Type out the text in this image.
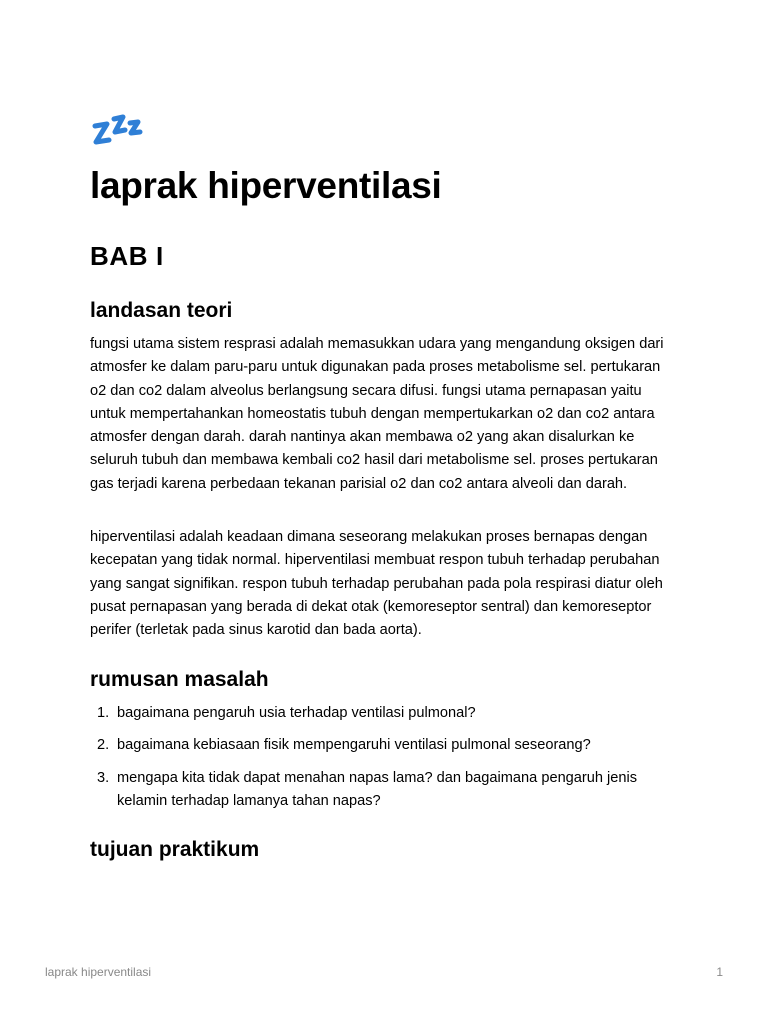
laprak hiperventilasi
BAB I
landasan teori

fungsi utama sistem resprasi adalah memasukkan udara yang mengandung oksigen dari atmosfer ke dalam paru-paru untuk digunakan pada proses metabolisme sel. pertukaran o2 dan co2 dalam alveolus berlangsung secara difusi. fungsi utama pernapasan yaitu untuk mempertahankan homeostatis tubuh dengan mempertukarkan o2 dan co2 antara atmosfer dengan darah. darah nantinya akan membawa o2 yang akan disalurkan ke seluruh tubuh dan membawa kembali co2 hasil dari metabolisme sel. proses pertukaran gas terjadi karena perbedaan tekanan parisial o2 dan co2 antara alveoli dan darah.

hiperventilasi adalah keadaan dimana seseorang melakukan proses bernapas dengan kecepatan yang tidak normal. hiperventilasi membuat respon tubuh terhadap perubahan yang sangat signifikan. respon tubuh terhadap perubahan pada pola respirasi diatur oleh pusat pernapasan yang berada di dekat otak (kemoreseptor sentral) dan kemoreseptor perifer (terletak pada sinus karotid dan bada aorta).

rumusan masalah
1. bagaimana pengaruh usia terhadap ventilasi pulmonal?
2. bagaimana kebiasaan fisik mempengaruhi ventilasi pulmonal seseorang?
3. mengapa kita tidak dapat menahan napas lama? dan bagaimana pengaruh jenis kelamin terhadap lamanya tahan napas?
tujuan praktikum
laprak hiperventilasi	1
